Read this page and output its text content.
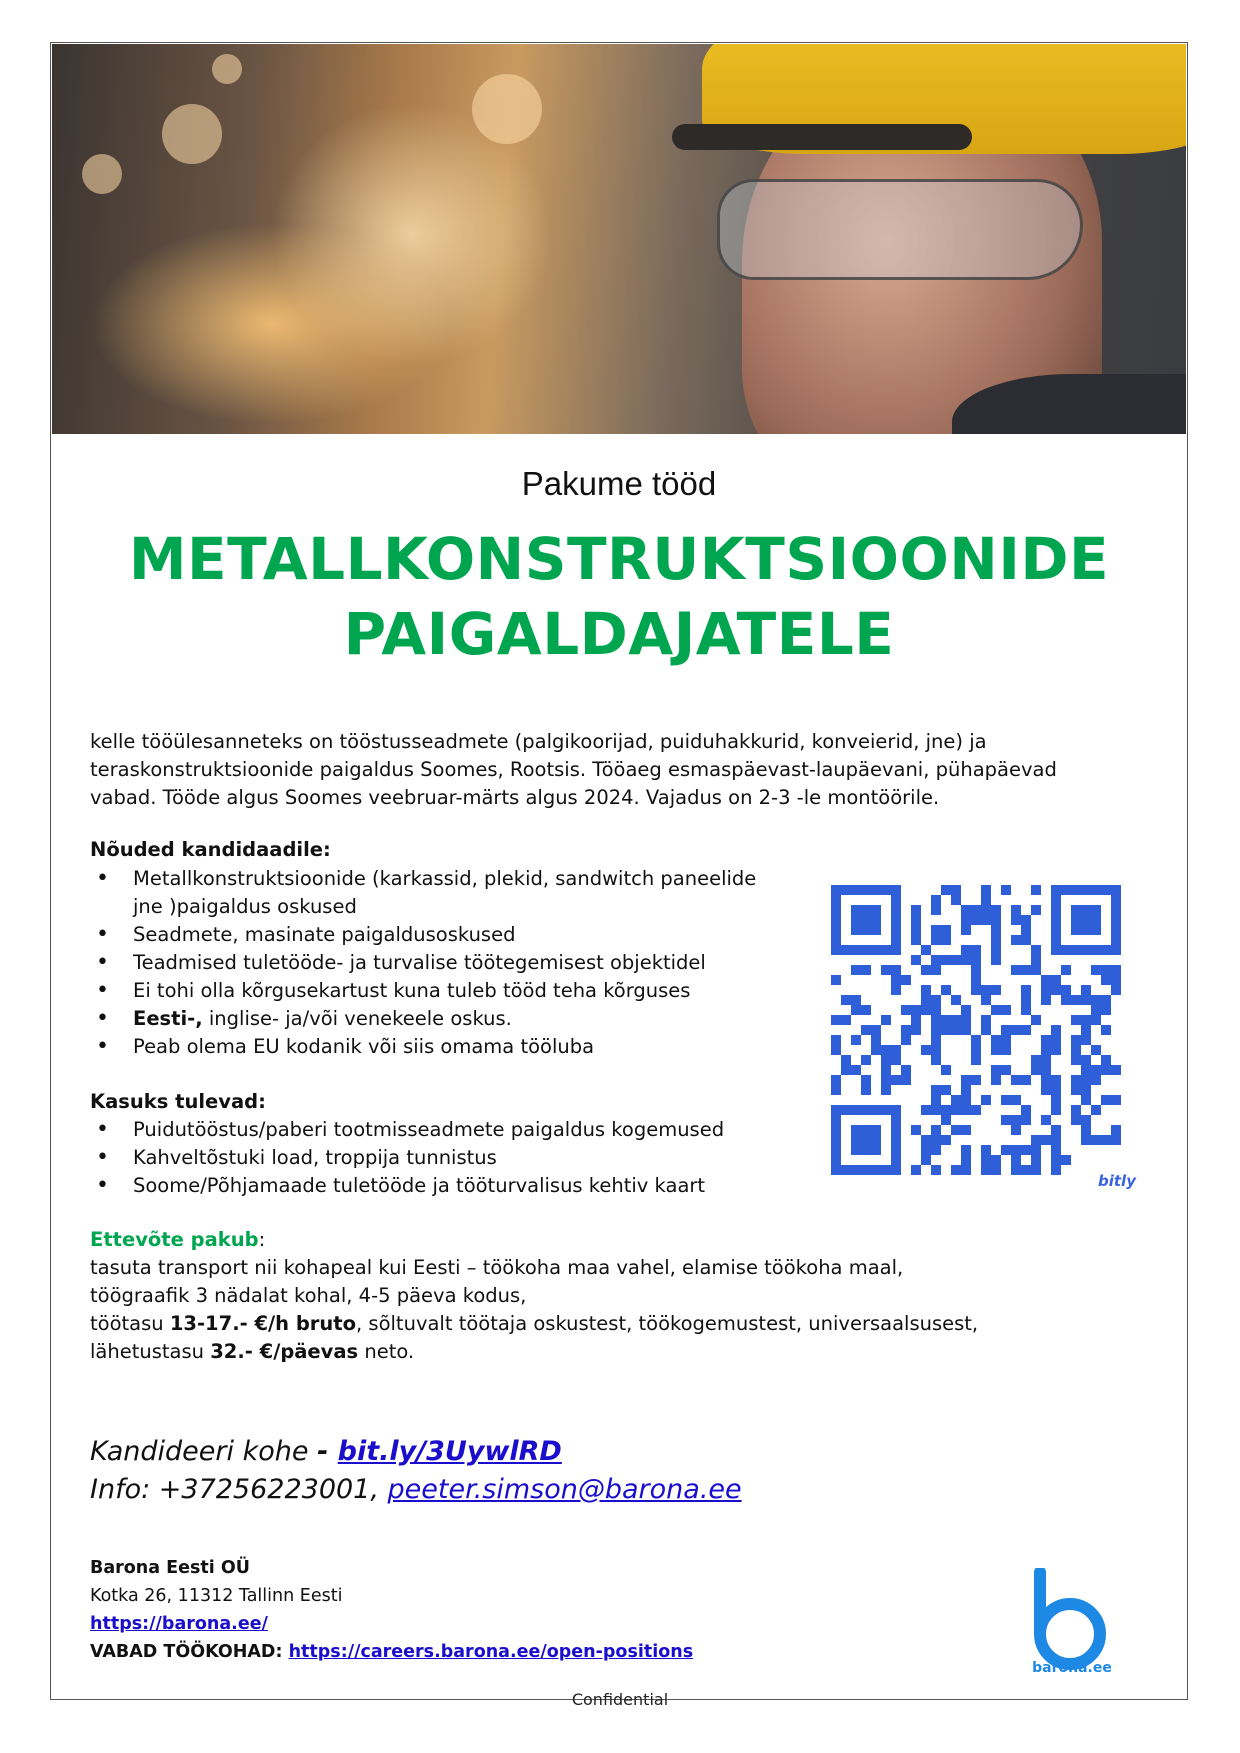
Pakume tööd
METALLKONSTRUKTSIOONIDE
PAIGALDAJATELE
kelle tööülesanneteks on tööstusseadmete (palgikoorijad, puiduhakkurid, konveierid, jne) ja
teraskonstruktsioonide paigaldus Soomes, Rootsis. Tööaeg esmaspäevast-laupäevani, pühapäevad
vabad. Tööde algus Soomes veebruar-märts algus 2024. Vajadus on 2-3 -le montöörile.
Nõuded kandidaadile:
• Metallkonstruktsioonide (karkassid, plekid, sandwitch paneelide
jne )paigaldus oskused
• Seadmete, masinate paigaldusoskused
• Teadmised tuletööde- ja turvalise töötegemisest objektidel
• Ei tohi olla kõrgusekartust kuna tuleb tööd teha kõrguses
• Eesti-, inglise- ja/või venekeele oskus.
• Peab olema EU kodanik või siis omama tööluba
Kasuks tulevad:
• Puidutööstus/paberi tootmisseadmete paigaldus kogemused
• Kahveltõstuki load, troppija tunnistus
• Soome/Põhjamaade tuletööde ja tööturvalisus kehtiv kaart
Ettevõte pakub:
tasuta transport nii kohapeal kui Eesti – töökoha maa vahel, elamise töökoha maal,
töögraafik 3 nädalat kohal, 4-5 päeva kodus,
töötasu 13-17.- €/h bruto, sõltuvalt töötaja oskustest, töökogemustest, universaalsusest,
lähetustasu 32.- €/päevas neto.
bitly
Kandideeri kohe - bit.ly/3UywlRD
Info: +37256223001, peeter.simson@barona.ee
Barona Eesti OÜ
Kotka 26, 11312 Tallinn Eesti
https://barona.ee/
VABAD TÖÖKOHAD: https://careers.barona.ee/open-positions
barona.ee
Confidential
